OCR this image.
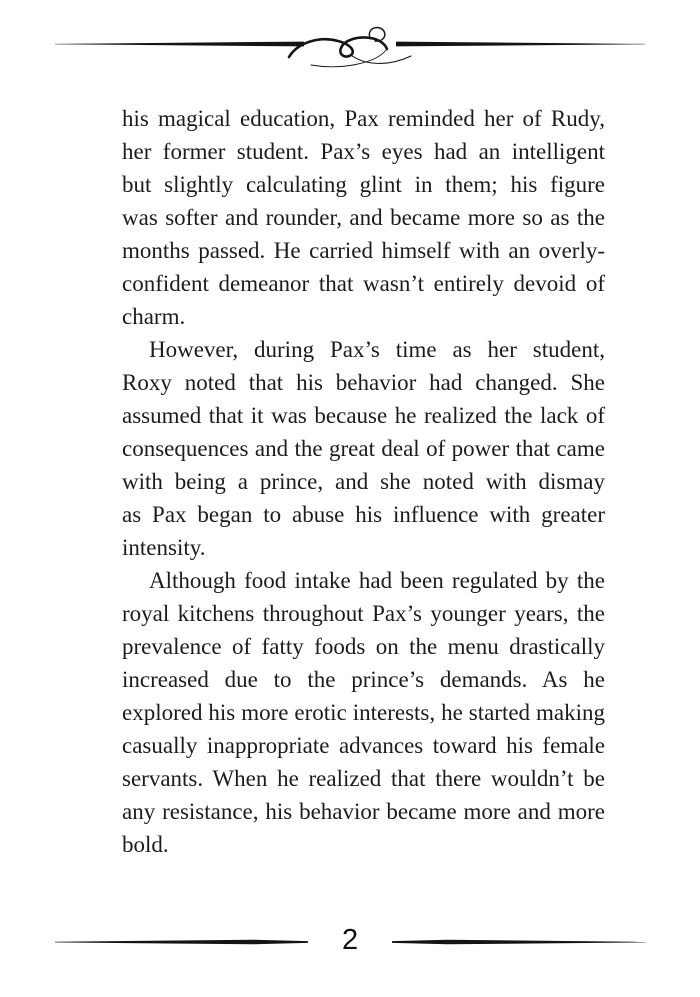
his magical education, Pax reminded her of Rudy,
her former student. Pax’s eyes had an intelligent
but slightly calculating glint in them; his figure
was softer and rounder, and became more so as the
months passed. He carried himself with an overly-
confident demeanor that wasn’t entirely devoid of
charm.
However, during Pax’s time as her student,
Roxy noted that his behavior had changed. She
assumed that it was because he realized the lack of
consequences and the great deal of power that came
with being a prince, and she noted with dismay
as Pax began to abuse his influence with greater
intensity.
Although food intake had been regulated by the
royal kitchens throughout Pax’s younger years, the
prevalence of fatty foods on the menu drastically
increased due to the prince’s demands. As he
explored his more erotic interests, he started making
casually inappropriate advances toward his female
servants. When he realized that there wouldn’t be
any resistance, his behavior became more and more
bold.
2
